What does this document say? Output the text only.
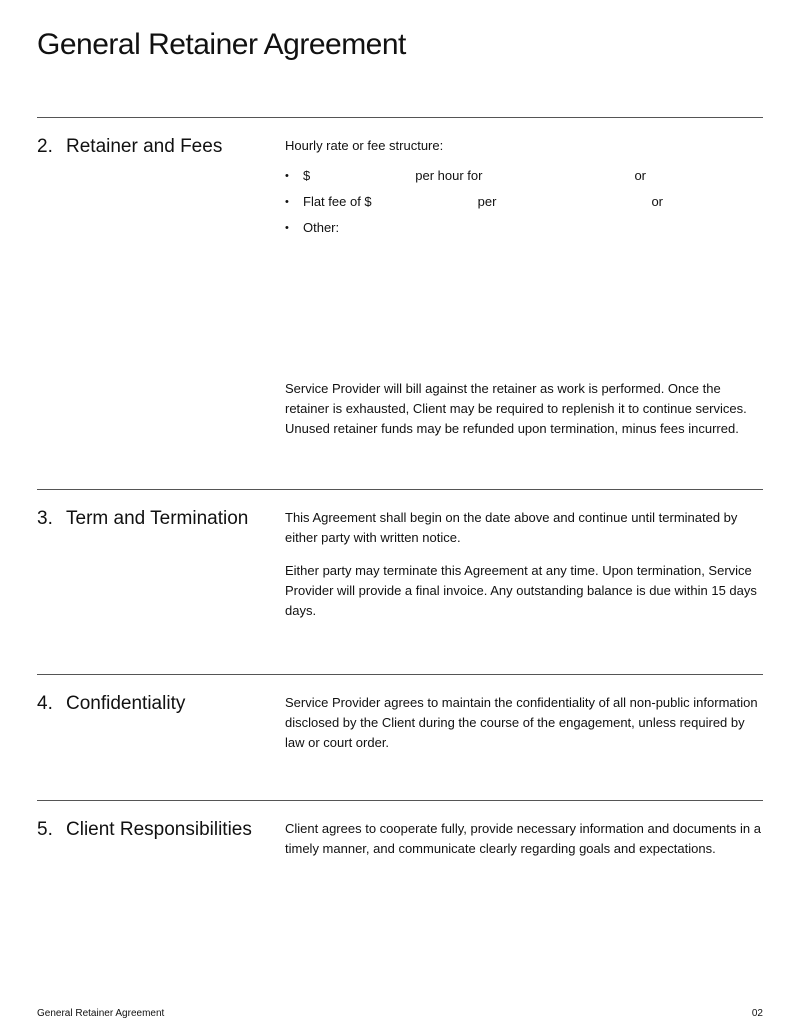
General Retainer Agreement
2. Retainer and Fees	Hourly rate or fee structure:

• $	per hour for	or
• Flat fee of $	per	or
• Other:

Service Provider will bill against the retainer as work is performed. Once the retainer is exhausted, Client may be required to replenish it to continue services. Unused retainer funds may be refunded upon termination, minus fees incurred.

3. Term and Termination	This Agreement shall begin on the date above and continue until terminated by either party with written notice.

Either party may terminate this Agreement at any time. Upon termination, Service Provider will provide a final invoice. Any outstanding balance is due within 15 days days.

4. Confidentiality	Service Provider agrees to maintain the confidentiality of all non-public information disclosed by the Client during the course of the engagement, unless required by law or court order.

5. Client Responsibilities	Client agrees to cooperate fully, provide necessary information and documents in a timely manner, and communicate clearly regarding goals and expectations.

General Retainer Agreement	02
